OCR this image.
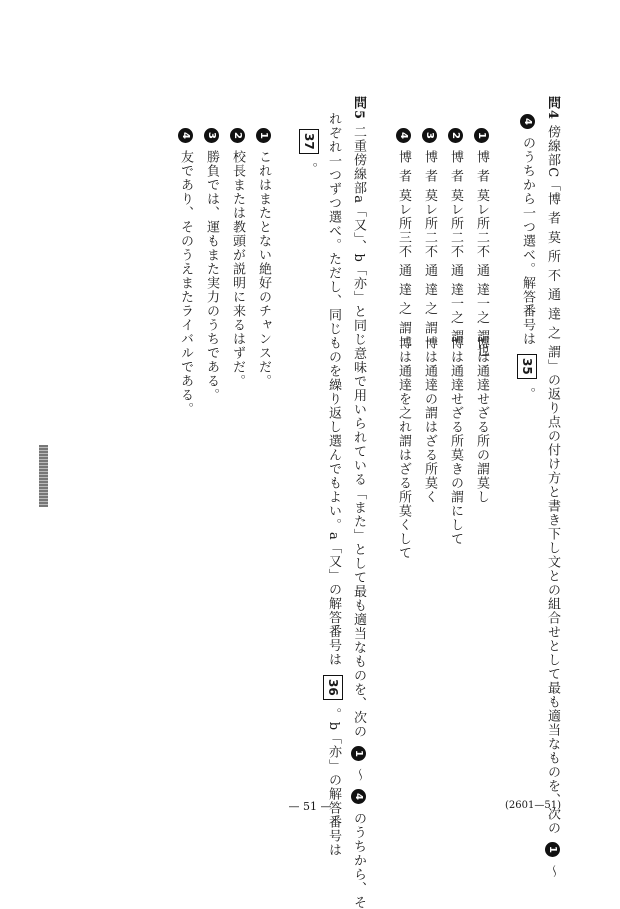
問4 傍線部C「博 者 莫 所 不 通 達 之 謂」の返り点の付け方と書き下し文との組合せとして最も適当なものを、次の 1 ～
4 のうちから一つ選べ。解答番号は 35 。
1 博 者 莫レ所二不 通 達一之 謂也
博は通達せざる所の謂莫し
2 博 者 莫レ所二不 通 達一之 謂
博は通達せざる所莫きの謂にして
3 博 者 莫レ所二不 通 達 之 謂一
博は通達の謂はざる所莫く
4 博 者 莫レ所三不 通 達 之 謂二
博は通達を之れ謂はざる所莫くして
問5 二重傍線部a「又」、b「亦」と同じ意味で用いられている「また」として最も適当なものを、次の 1 ～ 4 のうちから、そ
れぞれ一つずつ選べ。ただし、同じものを繰り返し選んでもよい。a「又」の解答番号は 36 。b「亦」の解答番号は
37 。
1 これはまたとない絶好のチャンスだ。
2 校長または教頭が説明に来るはずだ。
3 勝負では、運もまた実力のうちである。
4 友であり、そのうえまたライバルである。
— 51 —	(2601—51)
